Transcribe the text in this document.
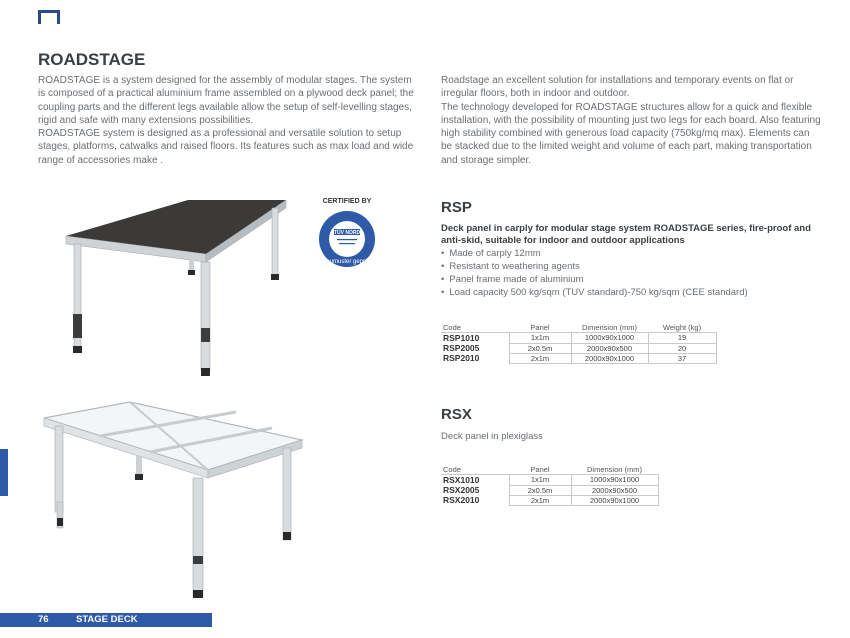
ROADSTAGE

ROADSTAGE is a system designed for the assembly of modular stages. The system is composed of a practical aluminium frame assembled on a plywood deck panel; the coupling parts and the different legs available allow the setup of self-levelling stages, rigid and safe with many extensions possibilities.

ROADSTAGE system is designed as a professional and versatile solution to setup stages, platforms, catwalks and raised floors. Its features such as max load and wide range of accessories make .

Roadstage an excellent solution for installations and temporary events on flat or irregular floors, both in indoor and outdoor.

The technology developed for ROADSTAGE structures allow for a quick and flexible installation, with the possibility of mounting just two legs for each board. Also featuring high stability combined with generous load capacity (750kg/mq max). Elements can be stacked due to the limited weight and volume of each part, making transportation and storage simpler.

CERTIFIED BY
TÜV NORD
Baumuster geprüft
RSP

Deck panel in carply for modular stage system ROADSTAGE series, fire-proof and anti-skid, suitable for indoor and outdoor applications

• Made of carply 12mm
• Resistant to weathering agents
• Panel frame made of aluminium
• Load capacity 500 kg/sqm (TUV standard)-750 kg/sqm (CEE standard)
Code	Panel	Dimension (mm)	Weight (kg)
RSP1010	1x1m	1000x90x1000	19
RSP2005	2x0.5m	2000x90x500	20
RSP2010	2x1m	2000x90x1000	37
RSX

Deck panel in plexiglass

Code	Panel	Dimension (mm)
RSX1010	1x1m	1000x90x1000
RSX2005	2x0.5m	2000x90x500
RSX2010	2x1m	2000x90x1000
76	STAGE DECK
